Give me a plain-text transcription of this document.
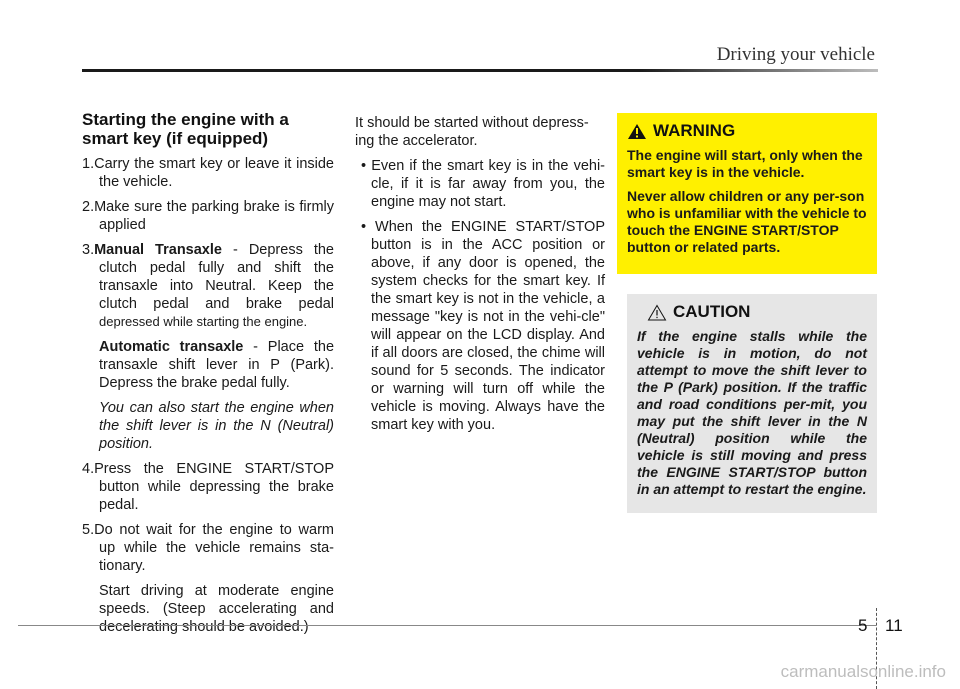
Driving your vehicle
Starting the engine with a smart key (if equipped)
1.Carry the smart key or leave it inside the vehicle.
2.Make sure the parking brake is firmly applied
3.Manual Transaxle - Depress the clutch pedal fully and shift the transaxle into Neutral. Keep the clutch pedal and brake pedal depressed while starting the engine.
Automatic transaxle - Place the transaxle shift lever in P (Park). Depress the brake pedal fully.
You can also start the engine when the shift lever is in the N (Neutral) position.
4.Press the ENGINE START/STOP button while depressing the brake pedal.
5.Do not wait for the engine to warm up while the vehicle remains sta-tionary.
Start driving at moderate engine speeds. (Steep accelerating and decelerating should be avoided.)
It should be started without depress-ing the accelerator.
• Even if the smart key is in the vehi-cle, if it is far away from you, the engine may not start.
• When the ENGINE START/STOP button is in the ACC position or above, if any door is opened, the system checks for the smart key. If the smart key is not in the vehicle, a message "key is not in the vehi-cle" will appear on the LCD display. And if all doors are closed, the chime will sound for 5 seconds. The indicator or warning will turn off while the vehicle is moving. Always have the smart key with you.
WARNING

The engine will start, only when the smart key is in the vehicle.

Never allow children or any per-son who is unfamiliar with the vehicle to touch the ENGINE START/STOP button or related parts.

CAUTION

If the engine stalls while the vehicle is in motion, do not attempt to move the shift lever to the P (Park) position. If the traffic and road conditions per-mit, you may put the shift lever in the N (Neutral) position while the vehicle is still moving and press the ENGINE START/STOP button in an attempt to restart the engine.

5 11
carmanualsonline.info
